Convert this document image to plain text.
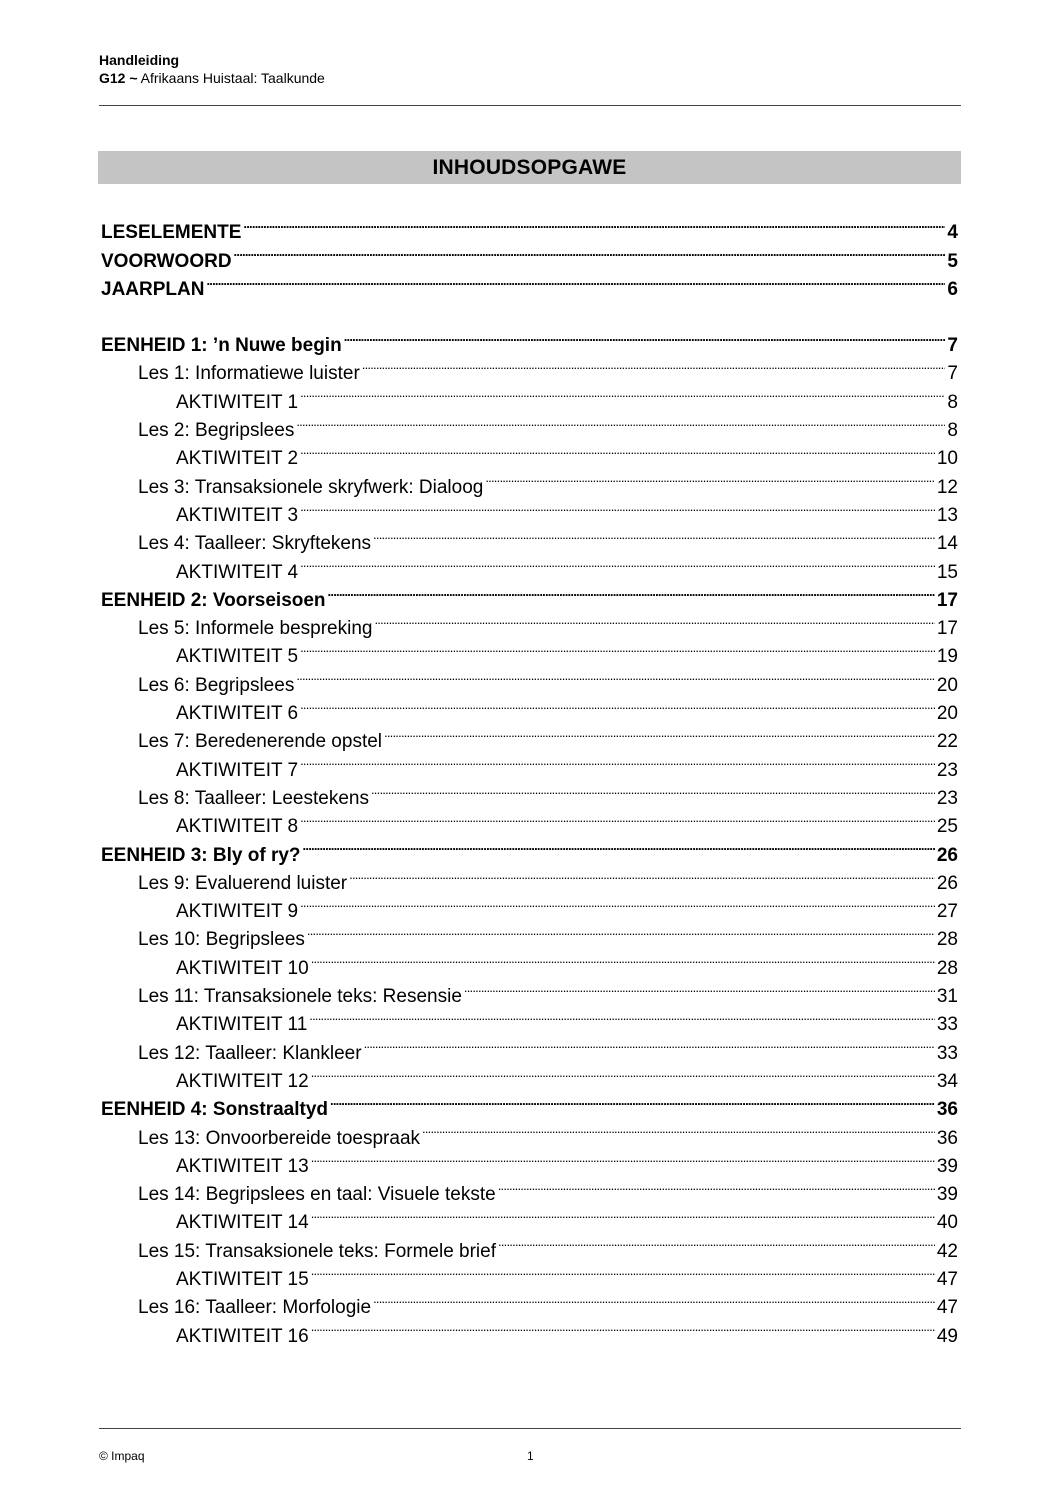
Handleiding
G12 ~ Afrikaans Huistaal: Taalkunde
INHOUDSOPGAWE
LESELEMENTE . . .	4
VOORWOORD . . .	5
JAARPLAN . . .	6
EENHEID 1: ’n Nuwe begin . . .	7
Les 1: Informatiewe luister . . .	7
AKTIWITEIT 1 . . .	8
Les 2: Begripslees . . .	8
AKTIWITEIT 2 . . .	10
Les 3: Transaksionele skryfwerk: Dialoog . . .	12
AKTIWITEIT 3 . . .	13
Les 4: Taalleer: Skryftekens . . .	14
AKTIWITEIT 4 . . .	15
EENHEID 2: Voorseisoen . . .	17
Les 5: Informele bespreking . . .	17
AKTIWITEIT 5 . . .	19
Les 6: Begripslees . . .	20
AKTIWITEIT 6 . . .	20
Les 7: Beredenerende opstel . . .	22
AKTIWITEIT 7 . . .	23
Les 8: Taalleer: Leestekens . . .	23
AKTIWITEIT 8 . . .	25
EENHEID 3: Bly of ry? . . .	26
Les 9: Evaluerend luister . . .	26
AKTIWITEIT 9 . . .	27
Les 10: Begripslees . . .	28
AKTIWITEIT 10 . . .	28
Les 11: Transaksionele teks: Resensie . . .	31
AKTIWITEIT 11 . . .	33
Les 12: Taalleer: Klankleer . . .	33
AKTIWITEIT 12 . . .	34
EENHEID 4: Sonstraaltyd . . .	36
Les 13: Onvoorbereide toespraak . . .	36
AKTIWITEIT 13 . . .	39
Les 14: Begripslees en taal: Visuele tekste . . .	39
AKTIWITEIT 14 . . .	40
Les 15: Transaksionele teks: Formele brief . . .	42
AKTIWITEIT 15 . . .	47
Les 16: Taalleer: Morfologie . . .	47
AKTIWITEIT 16 . . .	49
© Impaq	1
